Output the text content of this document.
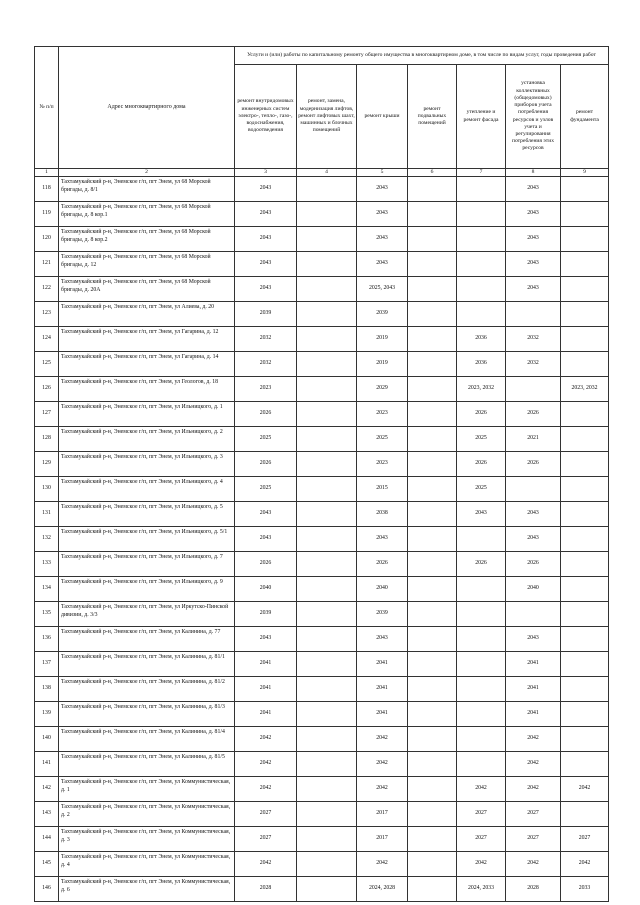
№ п/п	Адрес многоквартирного дома	Услуги и (или) работы по капитальному ремонту общего имущества в многоквартирном доме, в том числе по видам услуг, годы проведения работ						
		ремонт внутридомовых инженерных систем электро-, тепло-, газо-, водоснабжения, водоотведения	ремонт, замена, модернизация лифтов, ремонт лифтовых шахт, машинных и блочных помещений	ремонт крыши	ремонт подвальных помещений	утепление и ремонт фасада	установка коллективных (общедомовых) приборов учета потребления ресурсов и узлов учета и регулирования потребления этих ресурсов	ремонт фундамента
1	2	3	4	5	6	7	8	9
118	Тахтамукайский р-н, Энемское г/п, пгт Энем, ул 68 Морской бригады, д. 8/1	2043		2043			2043	
119	Тахтамукайский р-н, Энемское г/п, пгт Энем, ул 68 Морской бригады, д. 8 кор.1	2043		2043			2043	
120	Тахтамукайский р-н, Энемское г/п, пгт Энем, ул 68 Морской бригады, д. 8 кор.2	2043		2043			2043	
121	Тахтамукайский р-н, Энемское г/п, пгт Энем, ул 68 Морской бригады, д. 12	2043		2043			2043	
122	Тахтамукайский р-н, Энемское г/п, пгт Энем, ул 68 Морской бригады, д. 20А	2043		2025, 2043			2043	
123	Тахтамукайский р-н, Энемское г/п, пгт Энем, ул Алиева, д. 20	2039		2039				
124	Тахтамукайский р-н, Энемское г/п, пгт Энем, ул Гагарина, д. 12	2032		2019		2036	2032	
125	Тахтамукайский р-н, Энемское г/п, пгт Энем, ул Гагарина, д. 14	2032		2019		2036	2032	
126	Тахтамукайский р-н, Энемское г/п, пгт Энем, ул Геологов, д. 18	2023		2029		2023, 2032		2023, 2032
127	Тахтамукайский р-н, Энемское г/п, пгт Энем, ул Ильницкого, д. 1	2026		2023		2026	2026	
128	Тахтамукайский р-н, Энемское г/п, пгт Энем, ул Ильницкого, д. 2	2025		2025		2025	2021	
129	Тахтамукайский р-н, Энемское г/п, пгт Энем, ул Ильницкого, д. 3	2026		2023		2026	2026	
130	Тахтамукайский р-н, Энемское г/п, пгт Энем, ул Ильницкого, д. 4	2025		2015		2025		
131	Тахтамукайский р-н, Энемское г/п, пгт Энем, ул Ильницкого, д. 5	2043		2038		2043	2043	
132	Тахтамукайский р-н, Энемское г/п, пгт Энем, ул Ильницкого, д. 5/1	2043		2043			2043	
133	Тахтамукайский р-н, Энемское г/п, пгт Энем, ул Ильницкого, д. 7	2026		2026		2026	2026	
134	Тахтамукайский р-н, Энемское г/п, пгт Энем, ул Ильницкого, д. 9	2040		2040			2040	
135	Тахтамукайский р-н, Энемское г/п, пгт Энем, ул Иркутско-Пинской дивизии, д. 3/3	2039		2039				
136	Тахтамукайский р-н, Энемское г/п, пгт Энем, ул Калинина, д. 77	2043		2043			2043	
137	Тахтамукайский р-н, Энемское г/п, пгт Энем, ул Калинина, д. 81/1	2041		2041			2041	
138	Тахтамукайский р-н, Энемское г/п, пгт Энем, ул Калинина, д. 81/2	2041		2041			2041	
139	Тахтамукайский р-н, Энемское г/п, пгт Энем, ул Калинина, д. 81/3	2041		2041			2041	
140	Тахтамукайский р-н, Энемское г/п, пгт Энем, ул Калинина, д. 81/4	2042		2042			2042	
141	Тахтамукайский р-н, Энемское г/п, пгт Энем, ул Калинина, д. 81/5	2042		2042			2042	
142	Тахтамукайский р-н, Энемское г/п, пгт Энем, ул Коммунистическая, д. 1	2042		2042		2042	2042	2042
143	Тахтамукайский р-н, Энемское г/п, пгт Энем, ул Коммунистическая, д. 2	2027		2017		2027	2027	
144	Тахтамукайский р-н, Энемское г/п, пгт Энем, ул Коммунистическая, д. 3	2027		2017		2027	2027	2027
145	Тахтамукайский р-н, Энемское г/п, пгт Энем, ул Коммунистическая, д. 4	2042		2042		2042	2042	2042
146	Тахтамукайский р-н, Энемское г/п, пгт Энем, ул Коммунистическая, д. 6	2028		2024, 2028		2024, 2033	2028	2033
